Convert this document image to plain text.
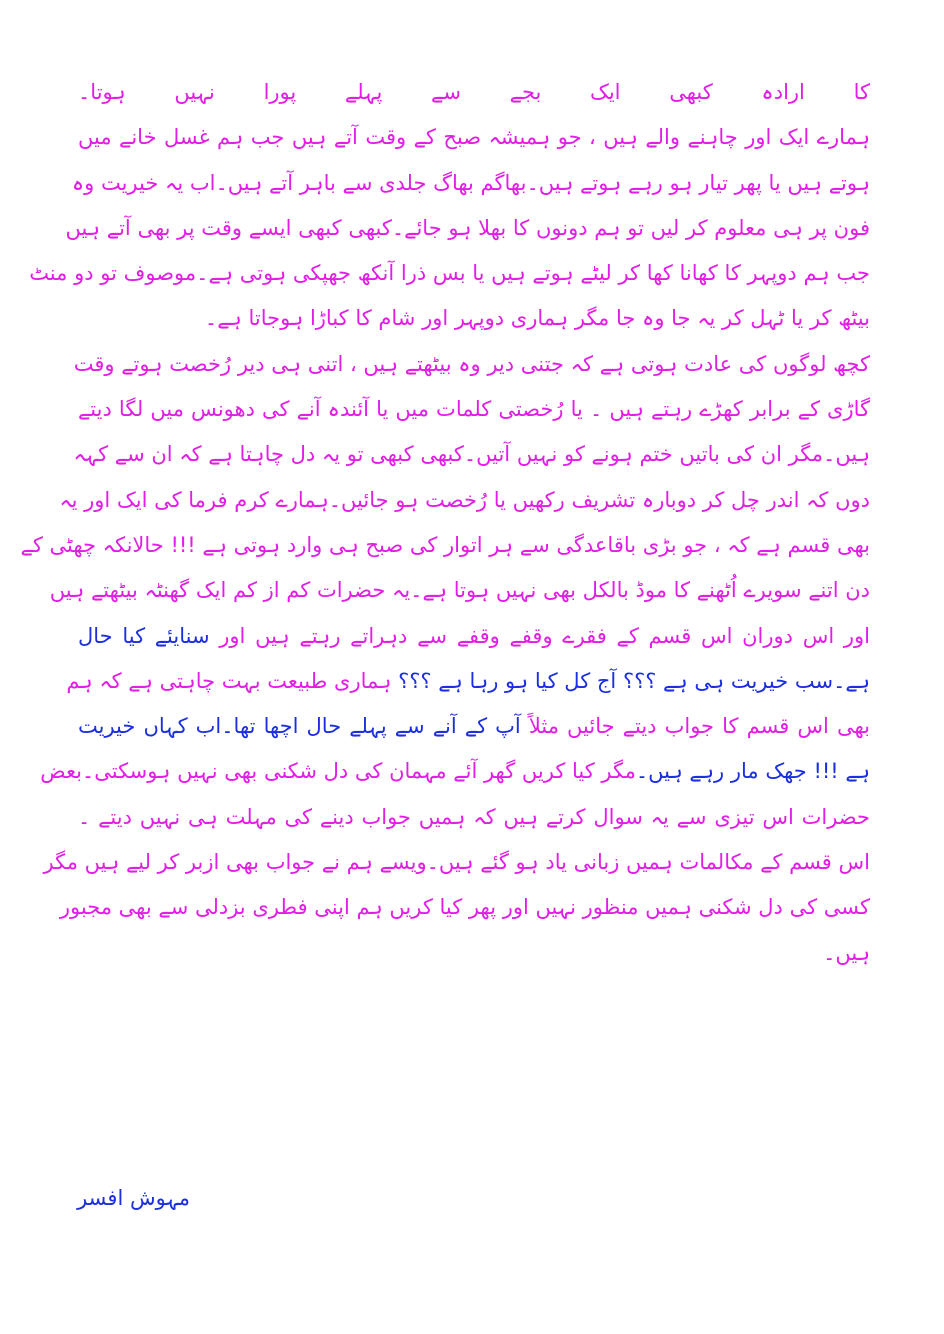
کا ارادہ کبھی ایک بجے سے پہلے پورا نہیں ہوتا۔
ہمارے ایک اور چاہنے والے ہیں ، جو ہمیشہ صبح کے وقت آتے ہیں جب ہم غسل خانے میں
ہوتے ہیں یا پھر تیار ہو رہے ہوتے ہیں۔بھاگم بھاگ جلدی سے باہر آتے ہیں۔اب یہ خیریت وہ
فون پر ہی معلوم کر لیں تو ہم دونوں کا بھلا ہو جائے۔کبھی کبھی ایسے وقت پر بھی آتے ہیں
جب ہم دوپہر کا کھانا کھا کر لیٹے ہوتے ہیں یا بس ذرا آنکھ جھپکی ہوتی ہے۔موصوف تو دو منٹ
بیٹھ کر یا ٹہل کر یہ جا وہ جا مگر ہماری دوپہر اور شام کا کباڑا ہوجاتا ہے۔
کچھ لوگوں کی عادت ہوتی ہے کہ جتنی دیر وہ بیٹھتے ہیں ، اتنی ہی دیر رُخصت ہوتے وقت
گاڑی کے برابر کھڑے رہتے ہیں ۔ یا رُخصتی کلمات میں یا آئندہ آنے کی دھونس میں لگا دیتے
ہیں۔مگر ان کی باتیں ختم ہونے کو نہیں آتیں۔کبھی کبھی تو یہ دل چاہتا ہے کہ ان سے کہہ
دوں کہ اندر چل کر دوبارہ تشریف رکھیں یا رُخصت ہو جائیں۔ہمارے کرم فرما کی ایک اور یہ
بھی قسم ہے کہ ، جو بڑی باقاعدگی سے ہر اتوار کی صبح ہی وارد ہوتی ہے !!! حالانکہ چھٹی کے
دن اتنے سویرے اُٹھنے کا موڈ بالکل بھی نہیں ہوتا ہے۔یہ حضرات کم از کم ایک گھنٹہ بیٹھتے ہیں
اور اس دوران اس قسم کے فقرے وقفے وقفے سے دہراتے رہتے ہیں اور سنایئے کیا حال
ہے۔سب خیریت ہی ہے ؟؟؟ آج کل کیا ہو رہا ہے ؟؟؟ ہماری طبیعت بہت چاہتی ہے کہ ہم
بھی اس قسم کا جواب دیتے جائیں مثلاً آپ کے آنے سے پہلے حال اچھا تھا۔اب کہاں خیریت
ہے !!! جھک مار رہے ہیں۔مگر کیا کریں گھر آئے مہمان کی دل شکنی بھی نہیں ہوسکتی۔بعض
حضرات اس تیزی سے یہ سوال کرتے ہیں کہ ہمیں جواب دینے کی مہلت ہی نہیں دیتے ۔
اس قسم کے مکالمات ہمیں زبانی یاد ہو گئے ہیں۔ویسے ہم نے جواب بھی ازبر کر لیے ہیں مگر
کسی کی دل شکنی ہمیں منظور نہیں اور پھر کیا کریں ہم اپنی فطری بزدلی سے بھی مجبور
ہیں۔
مہوش افسر
